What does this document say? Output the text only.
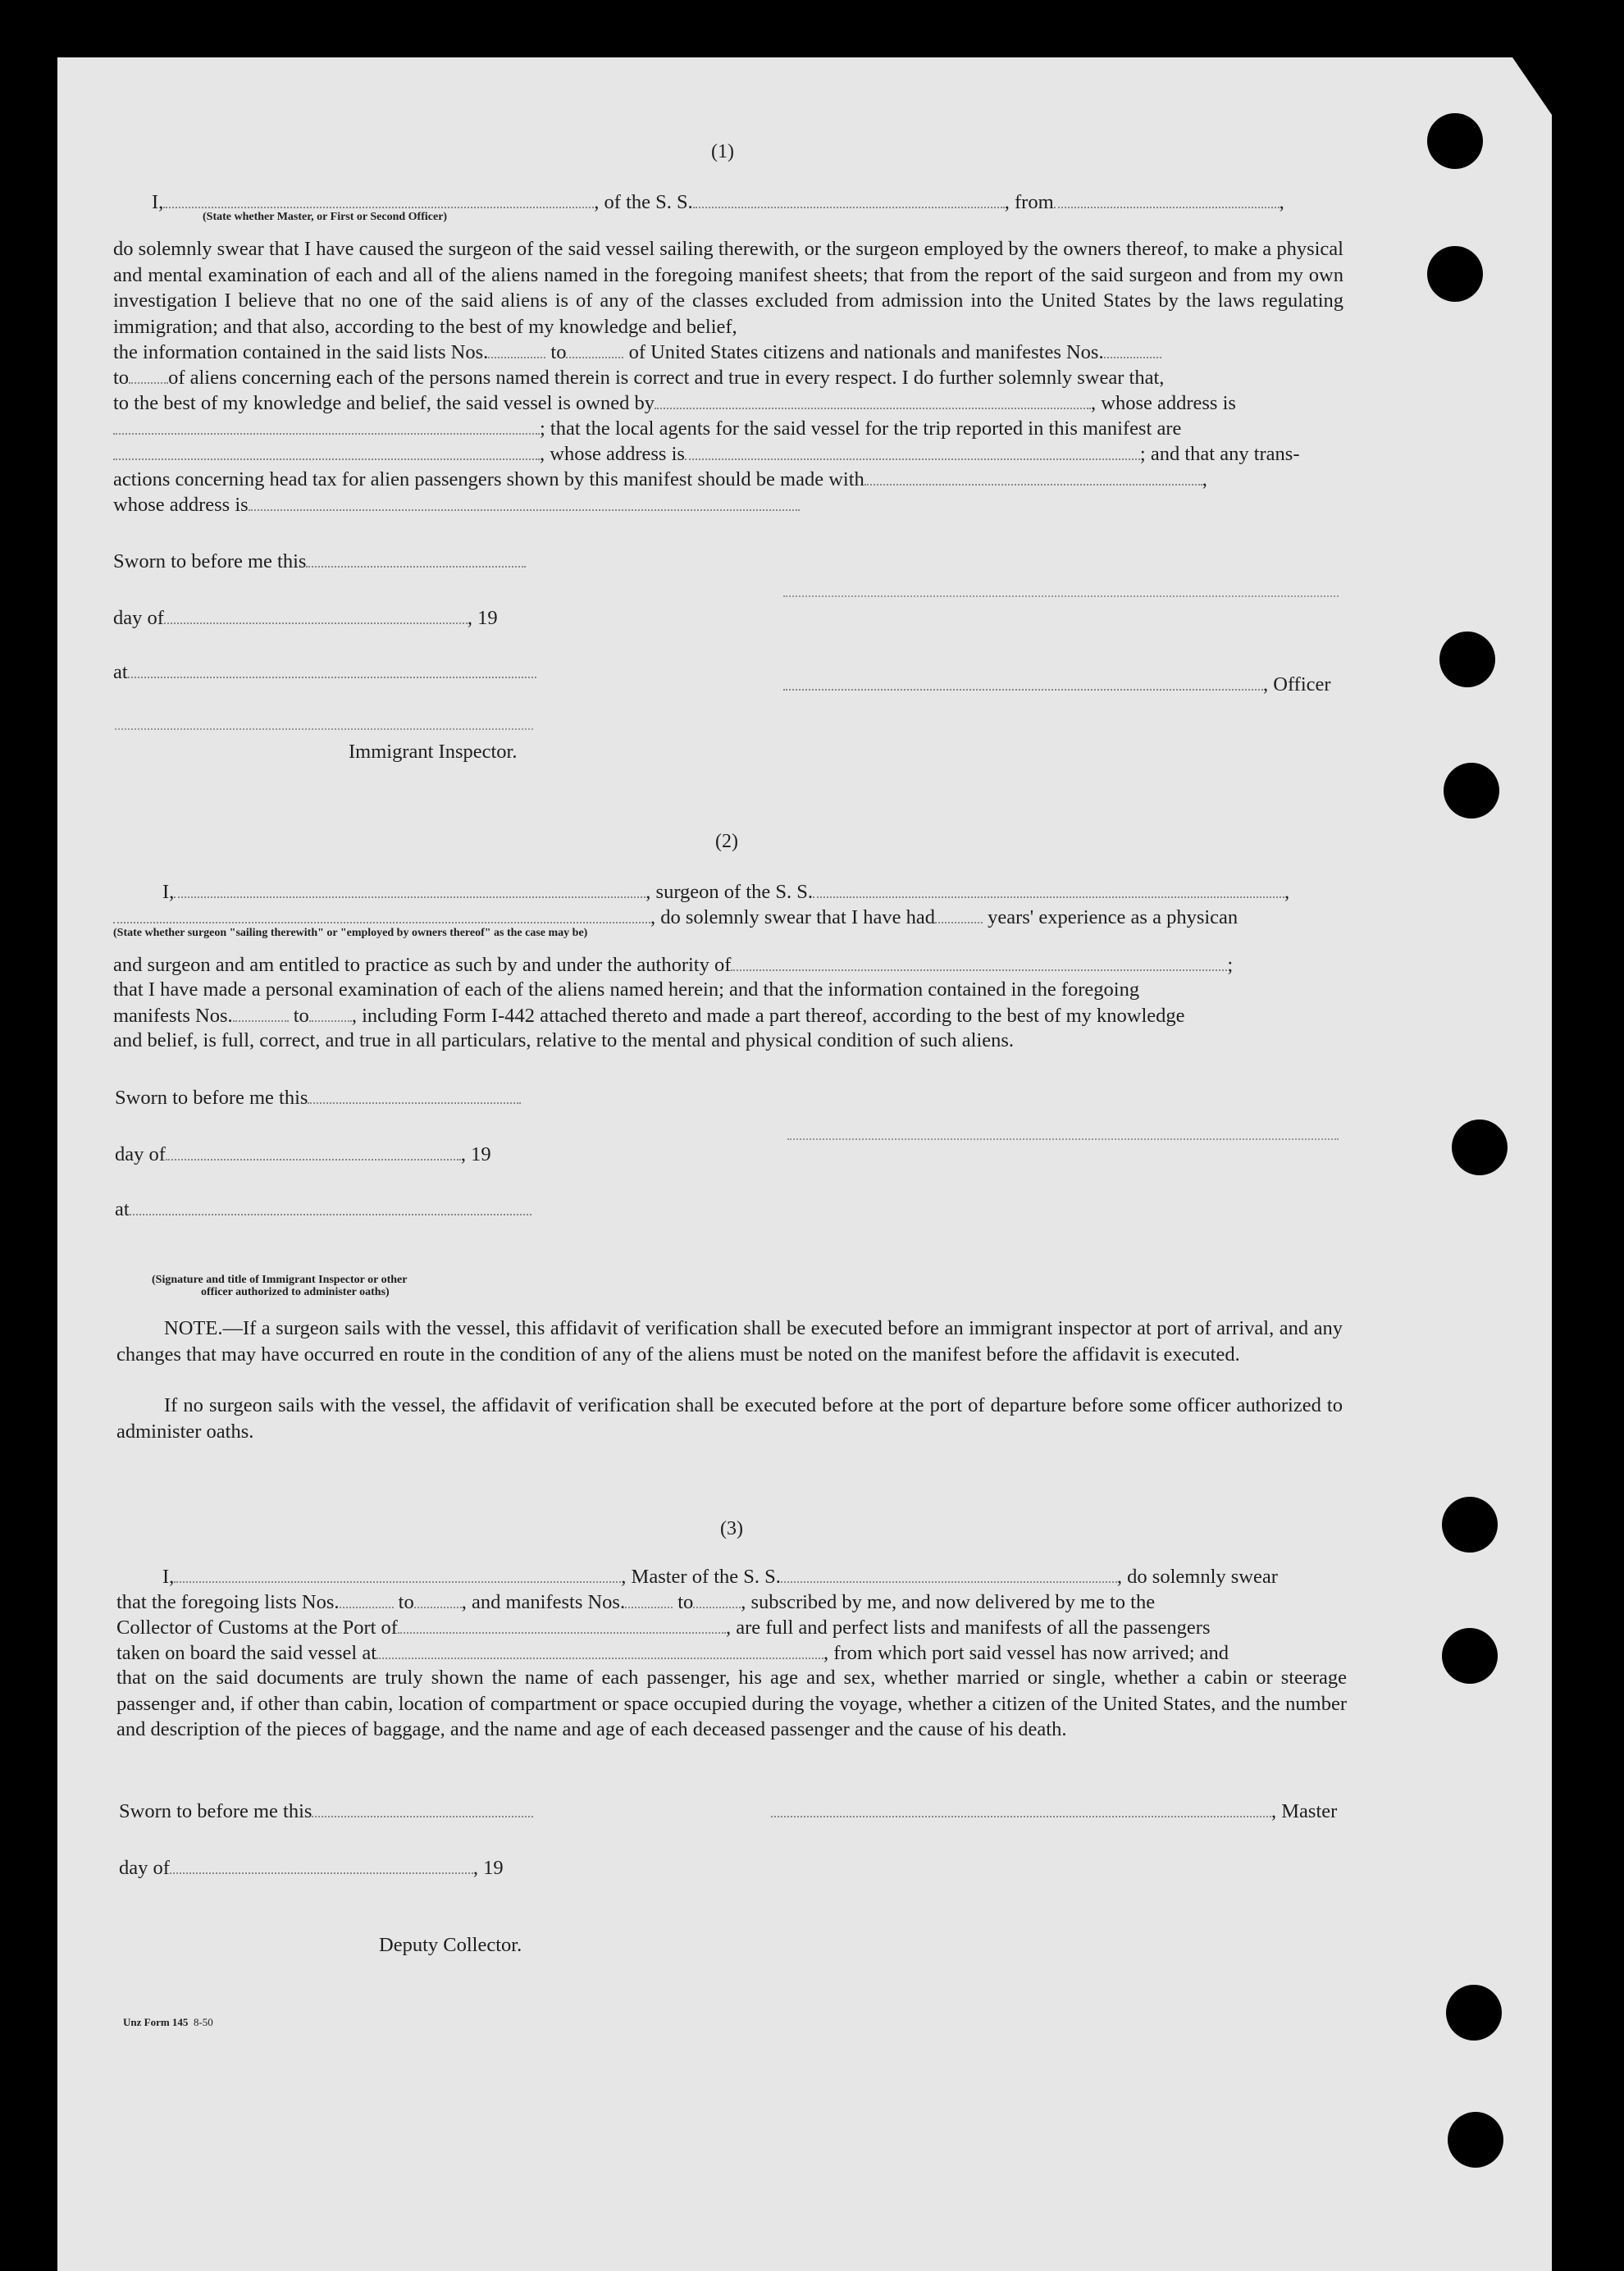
(1)
I,	, of the S. S.	, from	,
(State whether Master, or First or Second Officer)
do solemnly swear that I have caused the surgeon of the said vessel sailing therewith, or the surgeon employed by the owners thereof, to make a physical and mental examination of each and all of the aliens named in the foregoing manifest sheets; that from the report of the said surgeon and from my own investigation I believe that no one of the said aliens is of any of the classes excluded from admission into the United States by the laws regulating immigration; and that also, according to the best of my knowledge and belief,
the information contained in the said lists Nos.	to	of United States citizens and nationals and manifestes Nos.
to of aliens concerning each of the persons named therein is correct and true in every respect. I do further solemnly swear that,
to the best of my knowledge and belief, the said vessel is owned by	, whose address is
; that the local agents for the said vessel for the trip reported in this manifest are
, whose address is	; and that any trans-
actions concerning head tax for alien passengers shown by this manifest should be made with	,
whose address is
Sworn to before me this
day of	, 19
at
, Officer
Immigrant Inspector.
(2)
I,	, surgeon of the S. S.	,
, do solemnly swear that I have had	years' experience as a physican
(State whether surgeon "sailing therewith" or "employed by owners thereof" as the case may be)
and surgeon and am entitled to practice as such by and under the authority of	;
that I have made a personal examination of each of the aliens named herein; and that the information contained in the foregoing
manifests Nos.	to , including Form I-442 attached thereto and made a part thereof, according to the best of my knowledge
and belief, is full, correct, and true in all particulars, relative to the mental and physical condition of such aliens.
Sworn to before me this
day of	, 19
at
(Signature and title of Immigrant Inspector or other
officer authorized to administer oaths)
NOTE.—If a surgeon sails with the vessel, this affidavit of verification shall be executed before an immigrant inspector at port of arrival, and any changes that may have occurred en route in the condition of any of the aliens must be noted on the manifest before the affidavit is executed.
If no surgeon sails with the vessel, the affidavit of verification shall be executed before at the port of departure before some officer authorized to administer oaths.
(3)
I,	, Master of the S. S.	, do solemnly swear
that the foregoing lists Nos.	to , and manifests Nos.	to , subscribed by me, and now delivered by me to the
Collector of Customs at the Port of	, are full and perfect lists and manifests of all the passengers
taken on board the said vessel at	, from which port said vessel has now arrived; and
that on the said documents are truly shown the name of each passenger, his age and sex, whether married or single, whether a cabin or steerage passenger and, if other than cabin, location of compartment or space occupied during the voyage, whether a citizen of the United States, and the number and description of the pieces of baggage, and the name and age of each deceased passenger and the cause of his death.
Sworn to before me this	, Master
day of	, 19
Deputy Collector.
Unz Form 145 8-50
